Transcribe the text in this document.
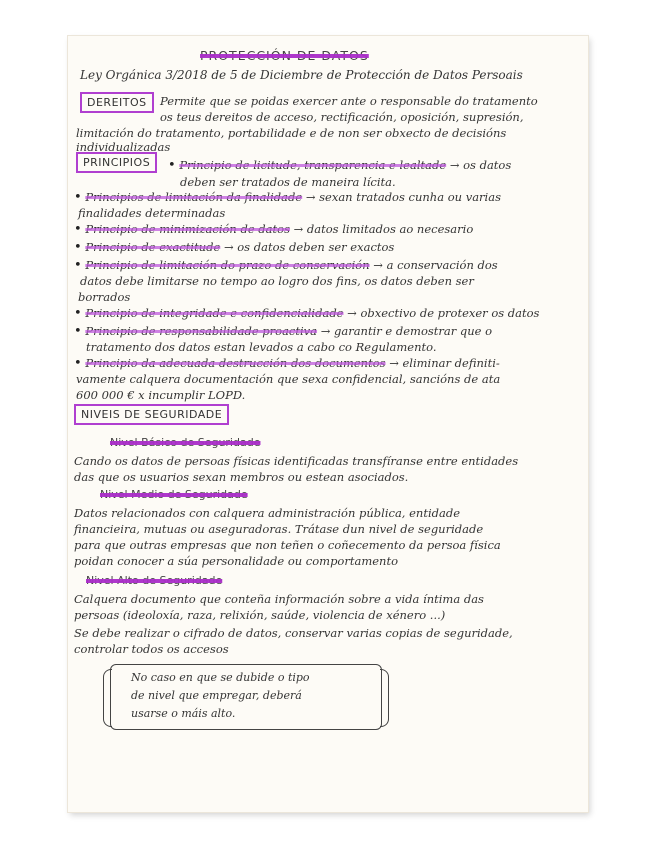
PROTECCIÓN DE DATOS
Ley Orgánica 3/2018 de 5 de Diciembre de Protección de Datos Persoais
DEREITOS	Permite que se poidas exercer ante o responsable do tratamento
os teus dereitos de acceso, rectificación, oposición, supresión,
limitación do tratamento, portabilidade e de non ser obxecto de decisións
individualizadas
PRINCIPIOS	• Principio de licitude, transparencia e lealtade → os datos
deben ser tratados de maneira lícita.
• Principios de limitación da finalidade → sexan tratados cunha ou varias
finalidades determinadas
• Principio de minimización de datos → datos limitados ao necesario
• Principio de exactitude → os datos deben ser exactos
• Principio de limitación do prazo de conservación → a conservación dos
datos debe limitarse no tempo ao logro dos fins, os datos deben ser
borrados
• Principio de integridade e confidencialidade → obxectivo de protexer os datos
• Principio de responsabilidade proactiva → garantir e demostrar que o
tratamento dos datos estan levados a cabo co Regulamento.
• Principio da adecuada destrucción dos documentos → eliminar definiti-
vamente calquera documentación que sexa confidencial, sancións de ata
600 000 € x incumplir LOPD.
NIVEIS DE SEGURIDADE
Nivel Básico de Seguridade
Cando os datos de persoas físicas identificadas transfíranse entre entidades
das que os usuarios sexan membros ou estean asociados.
Nivel Medio de Seguridade
Datos relacionados con calquera administración pública, entidade
financieira, mutuas ou aseguradoras. Trátase dun nivel de seguridade
para que outras empresas que non teñen o coñecemento da persoa física
poidan conocer a súa personalidade ou comportamento
Nivel Alto de Seguridade
Calquera documento que conteña información sobre a vida íntima das
persoas (ideoloxía, raza, relixión, saúde, violencia de xénero ...)
Se debe realizar o cifrado de datos, conservar varias copias de seguridade,
controlar todos os accesos
No caso en que se dubide o tipo
de nivel que empregar, deberá
usarse o máis alto.
